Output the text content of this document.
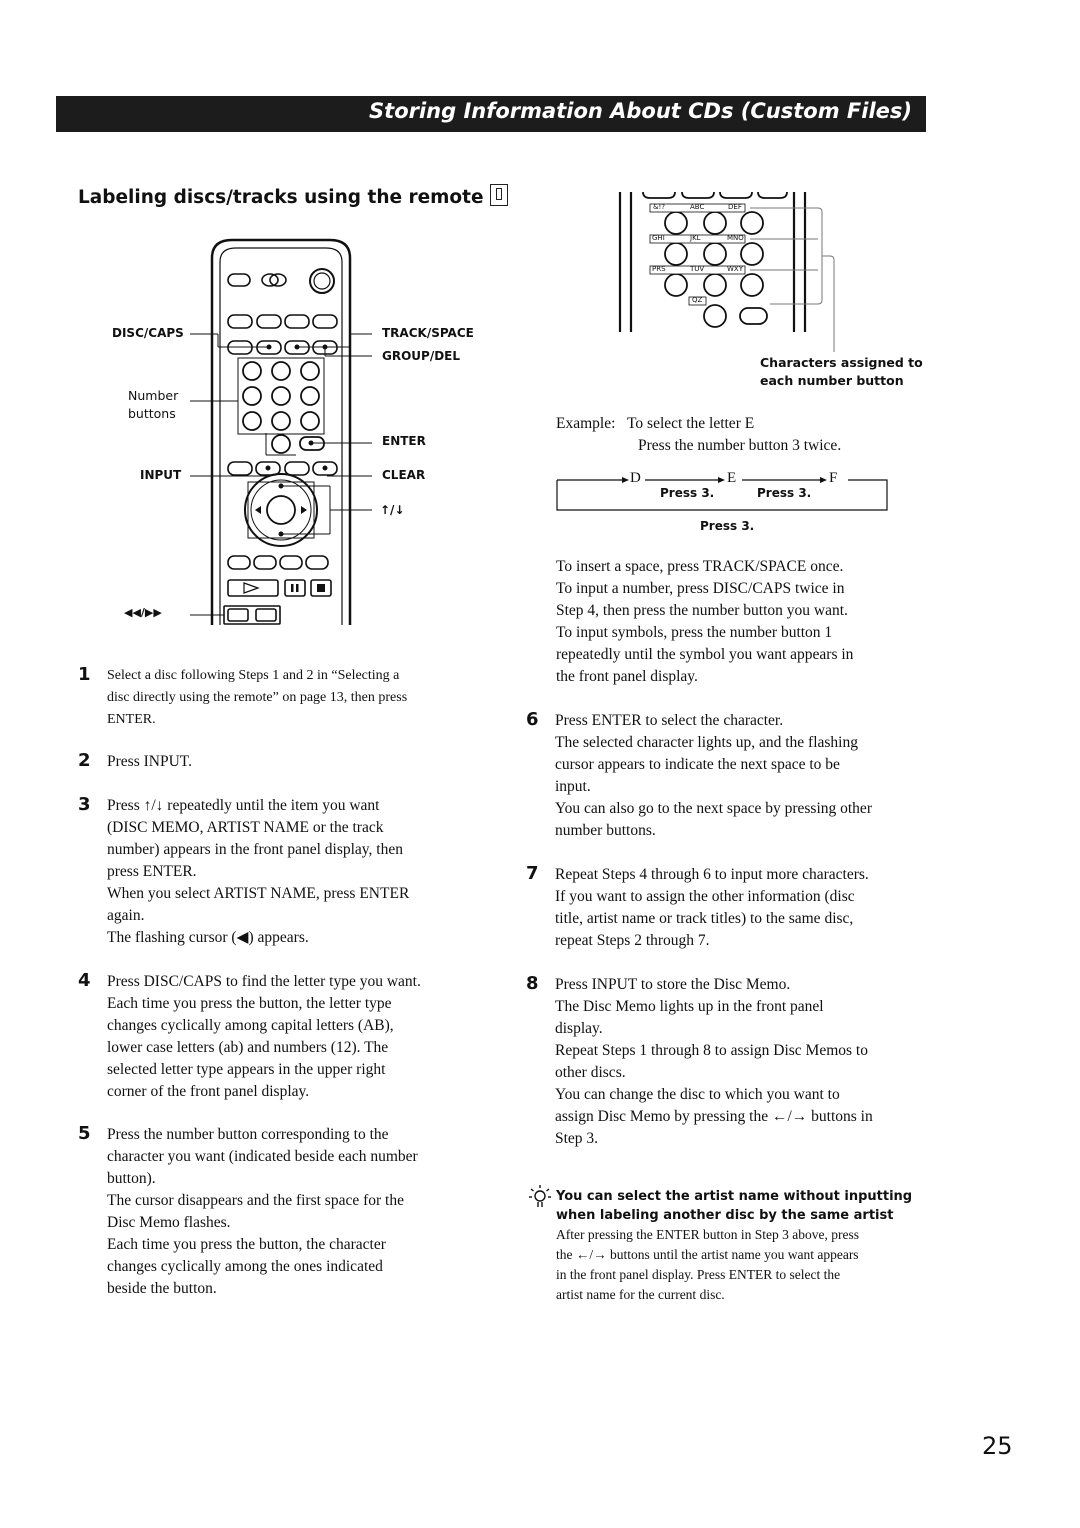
Storing Information About CDs (Custom Files)
Labeling discs/tracks using the remote
DISC/CAPS	TRACK/SPACE
GROUP/DEL
Number
buttons
ENTER
INPUT	CLEAR
↑/↓
◀◀/▶▶
&!?	ABC	DEF
GHI	JKL	MNO
PRS	TUV	WXY
QZ
Characters assigned to
each number button

Example: To select the letter E

Press the number button 3 twice.

D	E	F
Press 3.	Press 3.
Press 3.
1 Select a disc following Steps 1 and 2 in “Selecting a

disc directly using the remote” on page 13, then press

ENTER.

2 Press INPUT.

3 Press ↑/↓ repeatedly until the item you want

(DISC MEMO, ARTIST NAME or the track

number) appears in the front panel display, then

press ENTER.

When you select ARTIST NAME, press ENTER

again.

The flashing cursor (◀) appears.

4 Press DISC/CAPS to find the letter type you want.

Each time you press the button, the letter type

changes cyclically among capital letters (AB),

lower case letters (ab) and numbers (12). The

selected letter type appears in the upper right

corner of the front panel display.

5 Press the number button corresponding to the

character you want (indicated beside each number

button).

The cursor disappears and the first space for the

Disc Memo flashes.

Each time you press the button, the character

changes cyclically among the ones indicated

beside the button.

To insert a space, press TRACK/SPACE once.

To input a number, press DISC/CAPS twice in

Step 4, then press the number button you want.

To input symbols, press the number button 1

repeatedly until the symbol you want appears in

the front panel display.

6 Press ENTER to select the character.

The selected character lights up, and the flashing

cursor appears to indicate the next space to be

input.

You can also go to the next space by pressing other

number buttons.

7 Repeat Steps 4 through 6 to input more characters.

If you want to assign the other information (disc

title, artist name or track titles) to the same disc,

repeat Steps 2 through 7.

8 Press INPUT to store the Disc Memo.

The Disc Memo lights up in the front panel

display.

Repeat Steps 1 through 8 to assign Disc Memos to

other discs.

You can change the disc to which you want to

assign Disc Memo by pressing the ←/→ buttons in

Step 3.

You can select the artist name without inputting
when labeling another disc by the same artist
After pressing the ENTER button in Step 3 above, press
the ←/→ buttons until the artist name you want appears
in the front panel display. Press ENTER to select the
artist name for the current disc.
25
